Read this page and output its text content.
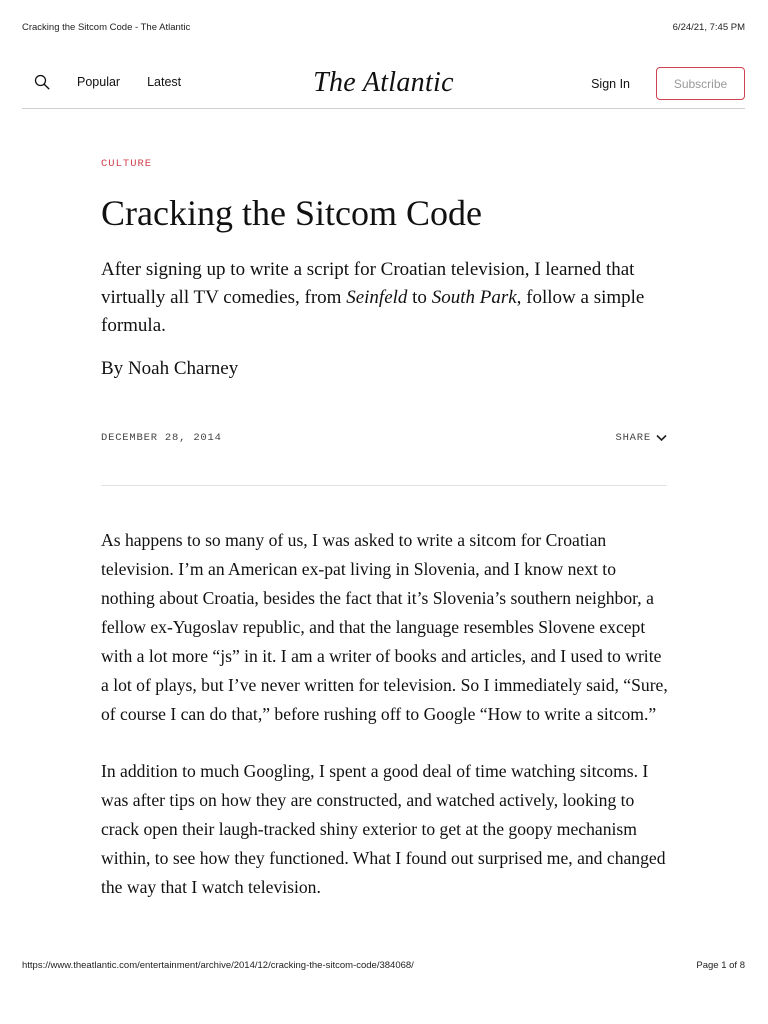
Cracking the Sitcom Code - The Atlantic	6/24/21, 7:45 PM
Popular Latest	The Atlantic	Sign In	Subscribe
CULTURE
Cracking the Sitcom Code

After signing up to write a script for Croatian television, I learned that virtually all TV comedies, from Seinfeld to South Park, follow a simple formula.

By Noah Charney
DECEMBER 28, 2014	SHARE

As happens to so many of us, I was asked to write a sitcom for Croatian television. I’m an American ex-pat living in Slovenia, and I know next to nothing about Croatia, besides the fact that it’s Slovenia’s southern neighbor, a fellow ex-Yugoslav republic, and that the language resembles Slovene except with a lot more “js” in it. I am a writer of books and articles, and I used to write a lot of plays, but I’ve never written for television. So I immediately said, “Sure, of course I can do that,” before rushing off to Google “How to write a sitcom.”

In addition to much Googling, I spent a good deal of time watching sitcoms. I was after tips on how they are constructed, and watched actively, looking to crack open their laugh-tracked shiny exterior to get at the goopy mechanism within, to see how they functioned. What I found out surprised me, and changed the way that I watch television.

https://www.theatlantic.com/entertainment/archive/2014/12/cracking-the-sitcom-code/384068/	Page 1 of 8
